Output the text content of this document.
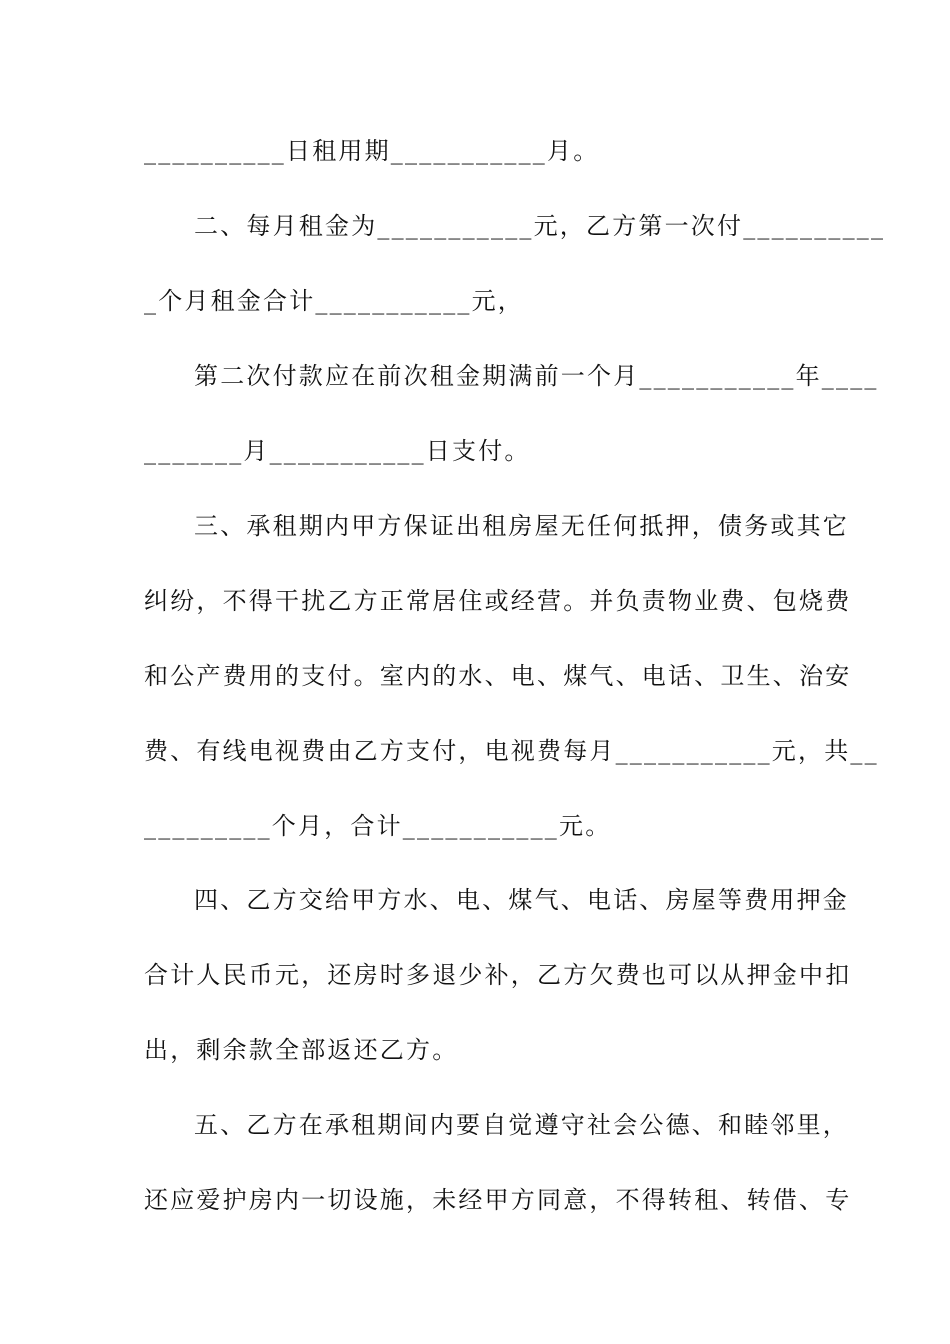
__________日租用期___________月。
二、每月租金为___________元，乙方第一次付__________
_个月租金合计___________元，
第二次付款应在前次租金期满前一个月___________年____
_______月___________日支付。
三、承租期内甲方保证出租房屋无任何抵押，债务或其它
纠纷，不得干扰乙方正常居住或经营。并负责物业费、包烧费
和公产费用的支付。室内的水、电、煤气、电话、卫生、治安
费、有线电视费由乙方支付，电视费每月___________元，共__
_________个月，合计___________元。
四、乙方交给甲方水、电、煤气、电话、房屋等费用押金
合计人民币元，还房时多退少补，乙方欠费也可以从押金中扣
出，剩余款全部返还乙方。
五、乙方在承租期间内要自觉遵守社会公德、和睦邻里，
还应爱护房内一切设施，未经甲方同意，不得转租、转借、专
